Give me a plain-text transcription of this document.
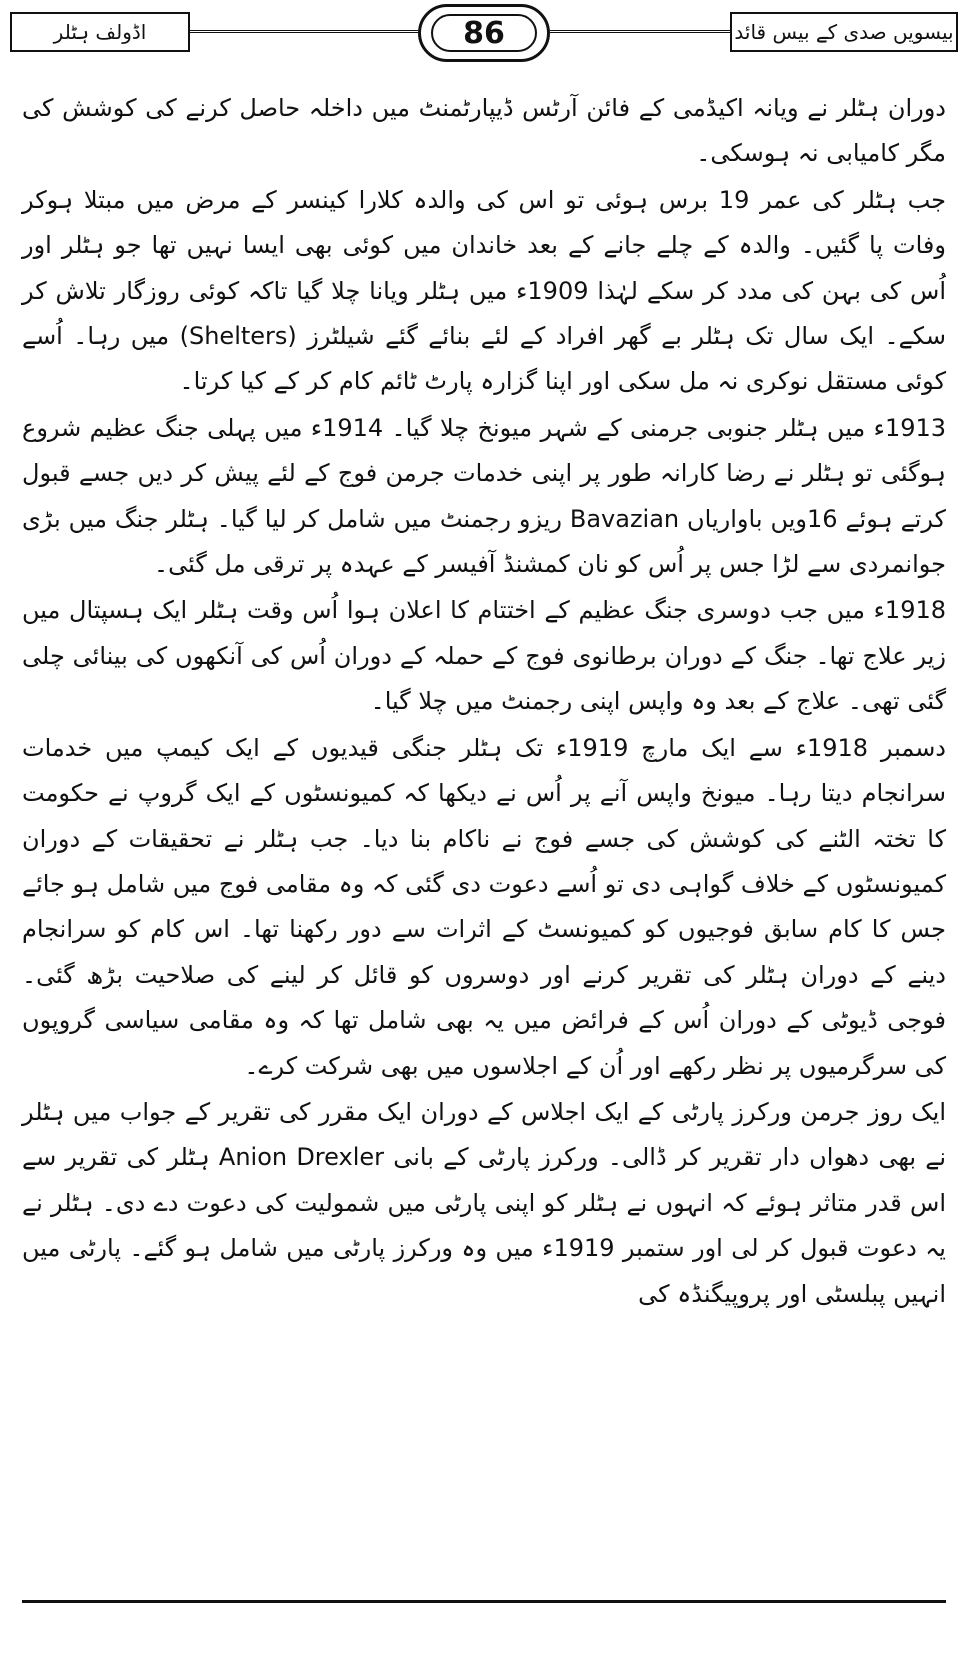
اڈولف ہٹلر	بیسویں صدی کے بیس قائد
86

دوران ہٹلر نے ویانہ اکیڈمی کے فائن آرٹس ڈیپارٹمنٹ میں داخلہ حاصل کرنے کی کوشش کی مگر کامیابی نہ ہوسکی۔

جب ہٹلر کی عمر 19 برس ہوئی تو اس کی والدہ کلارا کینسر کے مرض میں مبتلا ہوکر وفات پا گئیں۔ والدہ کے چلے جانے کے بعد خاندان میں کوئی بھی ایسا نہیں تھا جو ہٹلر اور اُس کی بہن کی مدد کر سکے لہٰذا 1909ء میں ہٹلر ویانا چلا گیا تاکہ کوئی روزگار تلاش کر سکے۔ ایک سال تک ہٹلر بے گھر افراد کے لئے بنائے گئے شیلٹرز (Shelters) میں رہا۔ اُسے کوئی مستقل نوکری نہ مل سکی اور اپنا گزارہ پارٹ ٹائم کام کر کے کیا کرتا۔

1913ء میں ہٹلر جنوبی جرمنی کے شہر میونخ چلا گیا۔ 1914ء میں پہلی جنگ عظیم شروع ہوگئی تو ہٹلر نے رضا کارانہ طور پر اپنی خدمات جرمن فوج کے لئے پیش کر دیں جسے قبول کرتے ہوئے 16ویں باواریاں Bavazian ریزو رجمنٹ میں شامل کر لیا گیا۔ ہٹلر جنگ میں بڑی جوانمردی سے لڑا جس پر اُس کو نان کمشنڈ آفیسر کے عہدہ پر ترقی مل گئی۔

1918ء میں جب دوسری جنگ عظیم کے اختتام کا اعلان ہوا اُس وقت ہٹلر ایک ہسپتال میں زیر علاج تھا۔ جنگ کے دوران برطانوی فوج کے حملہ کے دوران اُس کی آنکھوں کی بینائی چلی گئی تھی۔ علاج کے بعد وہ واپس اپنی رجمنٹ میں چلا گیا۔

دسمبر 1918ء سے ایک مارچ 1919ء تک ہٹلر جنگی قیدیوں کے ایک کیمپ میں خدمات سرانجام دیتا رہا۔ میونخ واپس آنے پر اُس نے دیکھا کہ کمیونسٹوں کے ایک گروپ نے حکومت کا تختہ الٹنے کی کوشش کی جسے فوج نے ناکام بنا دیا۔ جب ہٹلر نے تحقیقات کے دوران کمیونسٹوں کے خلاف گواہی دی تو اُسے دعوت دی گئی کہ وہ مقامی فوج میں شامل ہو جائے جس کا کام سابق فوجیوں کو کمیونسٹ کے اثرات سے دور رکھنا تھا۔ اس کام کو سرانجام دینے کے دوران ہٹلر کی تقریر کرنے اور دوسروں کو قائل کر لینے کی صلاحیت بڑھ گئی۔ فوجی ڈیوٹی کے دوران اُس کے فرائض میں یہ بھی شامل تھا کہ وہ مقامی سیاسی گروپوں کی سرگرمیوں پر نظر رکھے اور اُن کے اجلاسوں میں بھی شرکت کرے۔

ایک روز جرمن ورکرز پارٹی کے ایک اجلاس کے دوران ایک مقرر کی تقریر کے جواب میں ہٹلر نے بھی دھواں دار تقریر کر ڈالی۔ ورکرز پارٹی کے بانی Anion Drexler ہٹلر کی تقریر سے اس قدر متاثر ہوئے کہ انہوں نے ہٹلر کو اپنی پارٹی میں شمولیت کی دعوت دے دی۔ ہٹلر نے یہ دعوت قبول کر لی اور ستمبر 1919ء میں وہ ورکرز پارٹی میں شامل ہو گئے۔ پارٹی میں انہیں پبلسٹی اور پروپیگنڈہ کی
